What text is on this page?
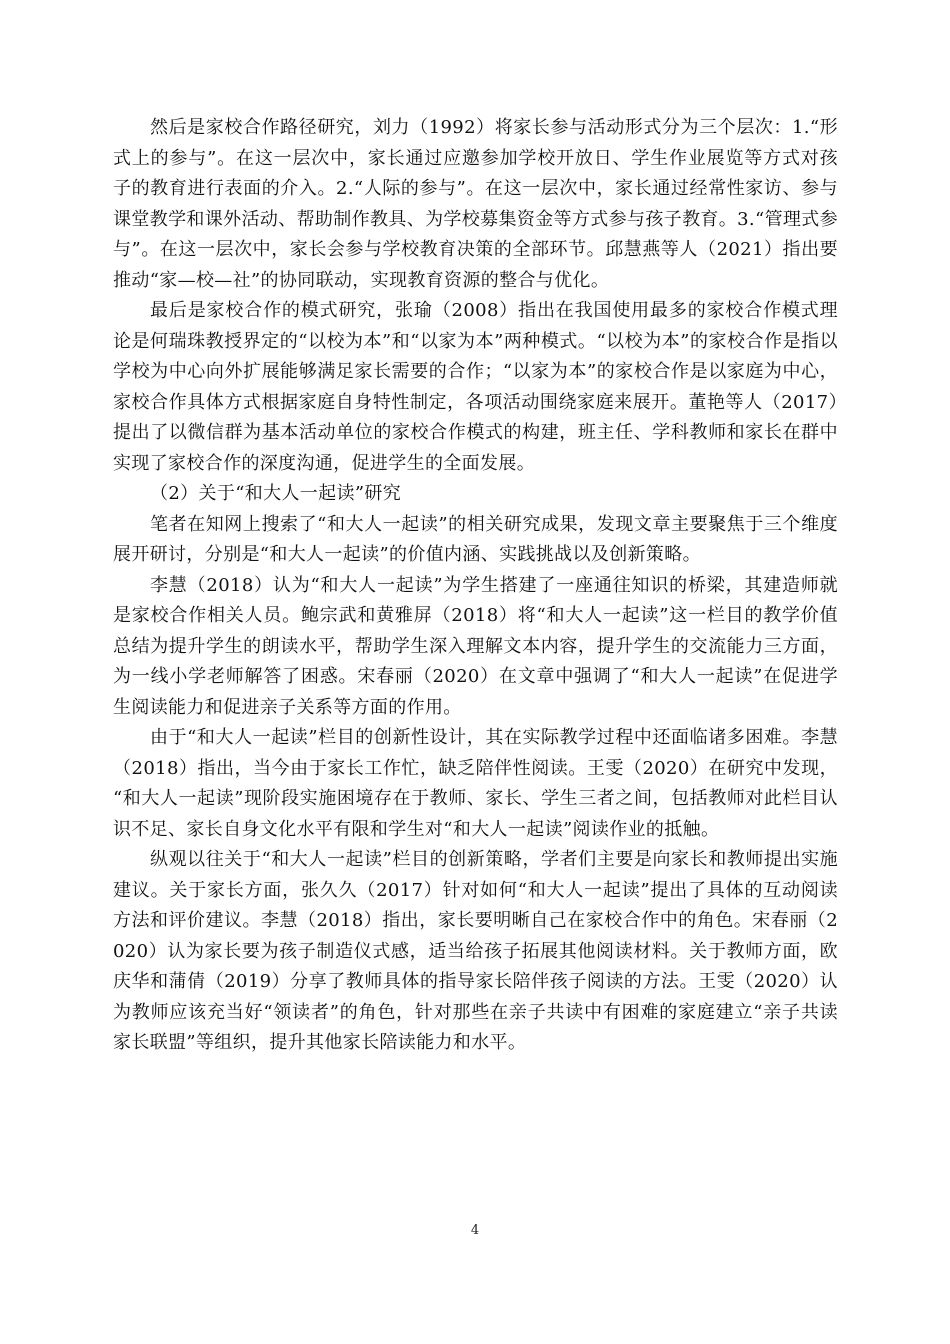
然后是家校合作路径研究，刘力（1992）将家长参与活动形式分为三个层次：1.“形式上的参与”。在这一层次中，家长通过应邀参加学校开放日、学生作业展览等方式对孩子的教育进行表面的介入。2.“人际的参与”。在这一层次中，家长通过经常性家访、参与课堂教学和课外活动、帮助制作教具、为学校募集资金等方式参与孩子教育。3.“管理式参与”。在这一层次中，家长会参与学校教育决策的全部环节。邱慧燕等人（2021）指出要推动“家—校—社”的协同联动，实现教育资源的整合与优化。

最后是家校合作的模式研究，张瑜（2008）指出在我国使用最多的家校合作模式理论是何瑞珠教授界定的“以校为本”和“以家为本”两种模式。“以校为本”的家校合作是指以学校为中心向外扩展能够满足家长需要的合作；“以家为本”的家校合作是以家庭为中心，家校合作具体方式根据家庭自身特性制定，各项活动围绕家庭来展开。董艳等人（2017）提出了以微信群为基本活动单位的家校合作模式的构建，班主任、学科教师和家长在群中实现了家校合作的深度沟通，促进学生的全面发展。

（2）关于“和大人一起读”研究

笔者在知网上搜索了“和大人一起读”的相关研究成果，发现文章主要聚焦于三个维度展开研讨，分别是“和大人一起读”的价值内涵、实践挑战以及创新策略。

李慧（2018）认为“和大人一起读”为学生搭建了一座通往知识的桥梁，其建造师就是家校合作相关人员。鲍宗武和黄雅屏（2018）将“和大人一起读”这一栏目的教学价值总结为提升学生的朗读水平，帮助学生深入理解文本内容，提升学生的交流能力三方面，为一线小学老师解答了困惑。宋春丽（2020）在文章中强调了“和大人一起读”在促进学生阅读能力和促进亲子关系等方面的作用。

由于“和大人一起读”栏目的创新性设计，其在实际教学过程中还面临诸多困难。李慧（2018）指出，当今由于家长工作忙，缺乏陪伴性阅读。王雯（2020）在研究中发现，“和大人一起读”现阶段实施困境存在于教师、家长、学生三者之间，包括教师对此栏目认识不足、家长自身文化水平有限和学生对“和大人一起读”阅读作业的抵触。

纵观以往关于“和大人一起读”栏目的创新策略，学者们主要是向家长和教师提出实施建议。关于家长方面，张久久（2017）针对如何“和大人一起读”提出了具体的互动阅读方法和评价建议。李慧（2018）指出，家长要明晰自己在家校合作中的角色。宋春丽（2020）认为家长要为孩子制造仪式感，适当给孩子拓展其他阅读材料。关于教师方面，欧庆华和蒲倩（2019）分享了教师具体的指导家长陪伴孩子阅读的方法。王雯（2020）认为教师应该充当好“领读者”的角色，针对那些在亲子共读中有困难的家庭建立“亲子共读家长联盟”等组织，提升其他家长陪读能力和水平。

4
